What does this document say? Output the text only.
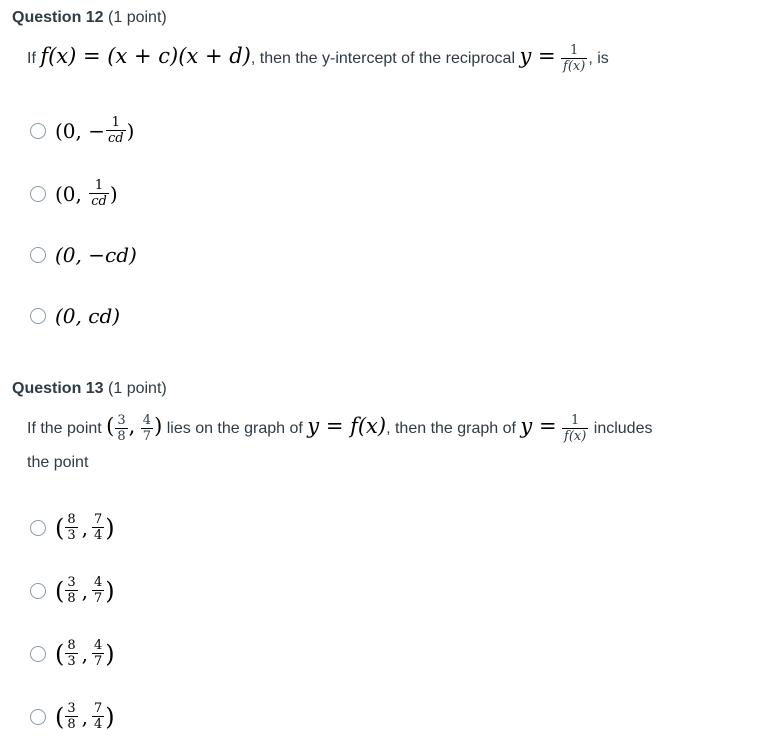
Question 12 (1 point)
If f(x) = (x + c)(x + d), then the y-intercept of the reciprocal $y = \frac{1}{f(x)}$ , is
(0, − $\frac{1}{cd}$ )
(0,
$\frac{1}{cd}$ )
(0, −cd)
(0, cd)
Question 13 (1 point)
If the point ( $\frac{3}{8}$ , $\frac{4}{7}$ ) lies on the graph of y = f(x), then the graph of $y = \frac{1}{f(x)}$ includes
the point
( $\frac{8}{3}$ , $\frac{7}{4}$ )
( $\frac{3}{8}$ , $\frac{4}{7}$ )
( $\frac{8}{3}$ , $\frac{4}{7}$ )
( $\frac{3}{8}$ , $\frac{7}{4}$ )
